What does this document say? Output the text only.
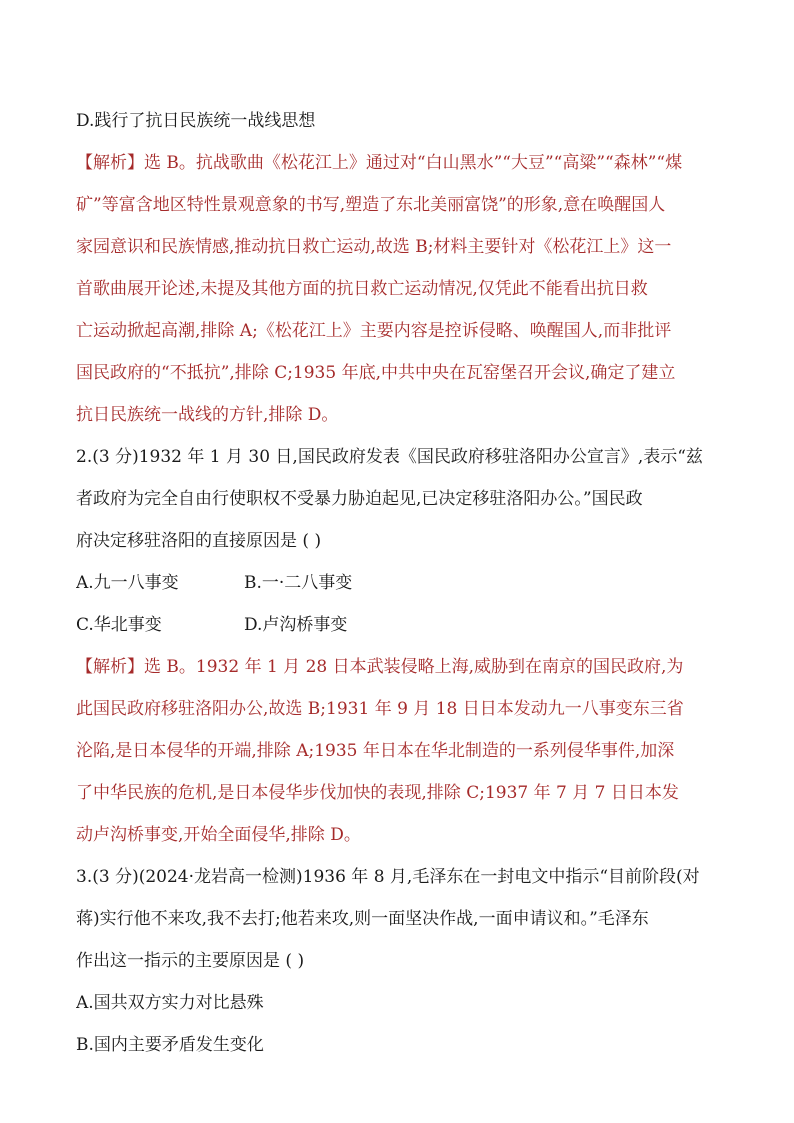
D.践行了抗日民族统一战线思想
【解析】选 B。抗战歌曲《松花江上》通过对“白山黑水”“大豆”“高粱”“森林”“煤
矿”等富含地区特性景观意象的书写,塑造了东北美丽富饶”的形象,意在唤醒国人
家园意识和民族情感,推动抗日救亡运动,故选 B;材料主要针对《松花江上》这一
首歌曲展开论述,未提及其他方面的抗日救亡运动情况,仅凭此不能看出抗日救
亡运动掀起高潮,排除 A;《松花江上》主要内容是控诉侵略、唤醒国人,而非批评
国民政府的“不抵抗”,排除 C;1935 年底,中共中央在瓦窑堡召开会议,确定了建立
抗日民族统一战线的方针,排除 D。
2.(3 分)1932 年 1 月 30 日,国民政府发表《国民政府移驻洛阳办公宣言》,表示“兹
者政府为完全自由行使职权不受暴力胁迫起见,已决定移驻洛阳办公。”国民政
府决定移驻洛阳的直接原因是 ( )
A.九一八事变	B.一·二八事变
C.华北事变	D.卢沟桥事变
【解析】选 B。1932 年 1 月 28 日本武装侵略上海,威胁到在南京的国民政府,为
此国民政府移驻洛阳办公,故选 B;1931 年 9 月 18 日日本发动九一八事变东三省
沦陷,是日本侵华的开端,排除 A;1935 年日本在华北制造的一系列侵华事件,加深
了中华民族的危机,是日本侵华步伐加快的表现,排除 C;1937 年 7 月 7 日日本发
动卢沟桥事变,开始全面侵华,排除 D。
3.(3 分)(2024·龙岩高一检测)1936 年 8 月,毛泽东在一封电文中指示“目前阶段(对
蒋)实行他不来攻,我不去打;他若来攻,则一面坚决作战,一面申请议和。”毛泽东
作出这一指示的主要原因是 ( )
A.国共双方实力对比悬殊
B.国内主要矛盾发生变化
